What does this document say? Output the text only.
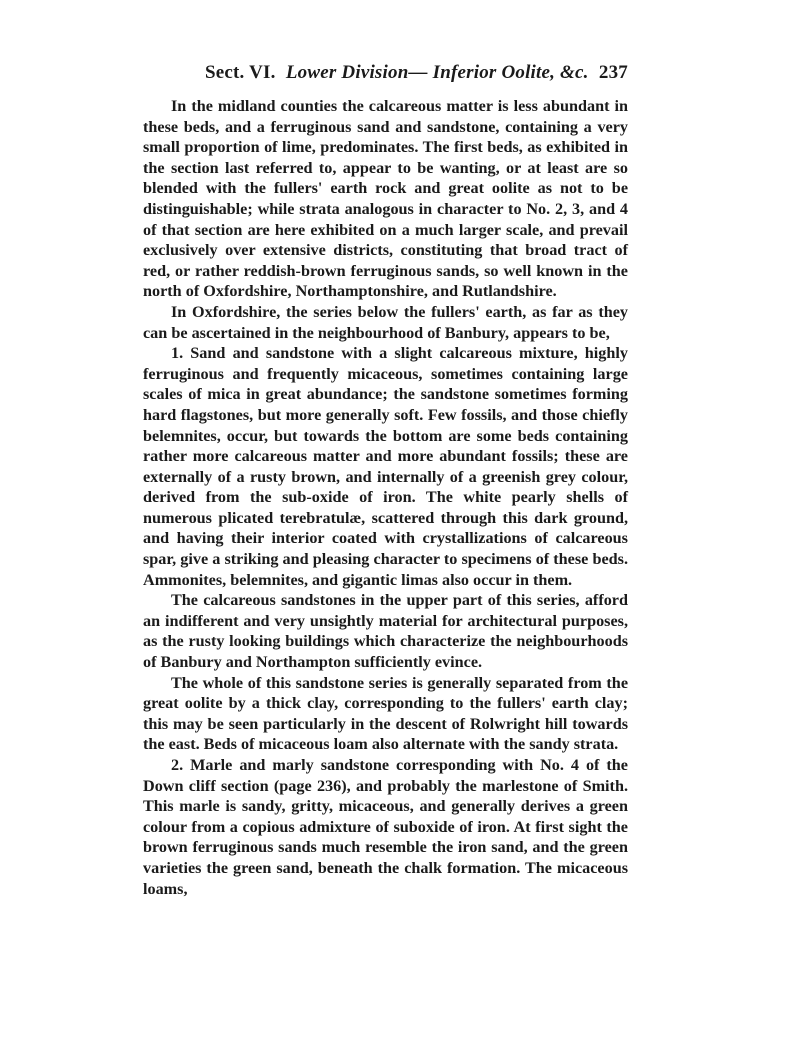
Sect. VI. Lower Division— Inferior Oolite, &c. 237

In the midland counties the calcareous matter is less abundant in these beds, and a ferruginous sand and sandstone, containing a very small proportion of lime, predominates. The first beds, as exhibited in the section last referred to, appear to be wanting, or at least are so blended with the fullers' earth rock and great oolite as not to be distinguishable; while strata analogous in character to No. 2, 3, and 4 of that section are here exhibited on a much larger scale, and prevail exclusively over extensive districts, constituting that broad tract of red, or rather reddish-brown ferruginous sands, so well known in the north of Oxfordshire, Northamptonshire, and Rutlandshire.

In Oxfordshire, the series below the fullers' earth, as far as they can be ascertained in the neighbourhood of Banbury, appears to be,

1. Sand and sandstone with a slight calcareous mixture, highly ferruginous and frequently micaceous, sometimes containing large scales of mica in great abundance; the sandstone sometimes forming hard flagstones, but more generally soft. Few fossils, and those chiefly belemnites, occur, but towards the bottom are some beds containing rather more calcareous matter and more abundant fossils; these are externally of a rusty brown, and internally of a greenish grey colour, derived from the sub-oxide of iron. The white pearly shells of numerous plicated terebratulæ, scattered through this dark ground, and having their interior coated with crystallizations of calcareous spar, give a striking and pleasing character to specimens of these beds. Ammonites, belemnites, and gigantic limas also occur in them.

The calcareous sandstones in the upper part of this series, afford an indifferent and very unsightly material for architectural purposes, as the rusty looking buildings which characterize the neighbourhoods of Banbury and Northampton sufficiently evince.

The whole of this sandstone series is generally separated from the great oolite by a thick clay, corresponding to the fullers' earth clay; this may be seen particularly in the descent of Rolwright hill towards the east. Beds of micaceous loam also alternate with the sandy strata.

2. Marle and marly sandstone corresponding with No. 4 of the Down cliff section (page 236), and probably the marlestone of Smith. This marle is sandy, gritty, micaceous, and generally derives a green colour from a copious admixture of suboxide of iron. At first sight the brown ferruginous sands much resemble the iron sand, and the green varieties the green sand, beneath the chalk formation. The micaceous loams,
